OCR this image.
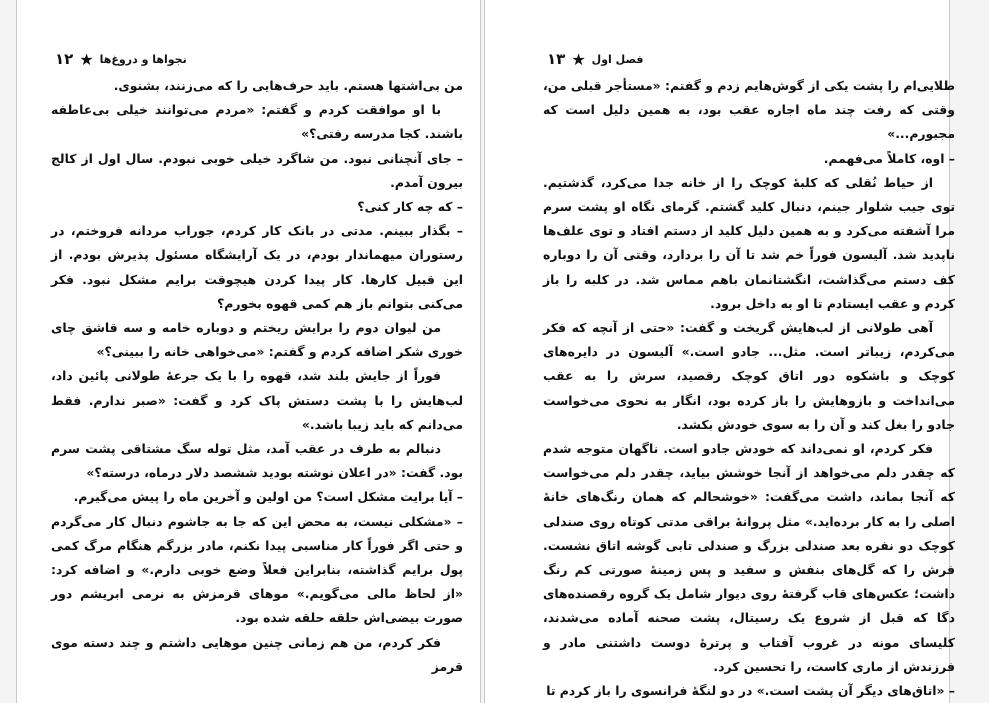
۱۲ ★ نجواها و دروغ‌ها

من بی‌اشتها هستم. باید حرف‌هایی را که می‌زنند، بشنوی.

با او موافقت کردم و گفتم: «مردم می‌توانند خیلی بی‌عاطفه باشند. کجا مدرسه رفتی؟»

– جای آنچنانی نبود. من شاگرد خیلی خوبی نبودم. سال اول از کالج بیرون آمدم.

– که چه کار کنی؟

– بگذار ببینم. مدتی در بانک کار کردم، جوراب مردانه فروختم، در رستوران میهماندار بودم، در یک آرایشگاه مسئول پذیرش بودم. از این قبیل کارها. کار پیدا کردن هیچوقت برایم مشکل نبود. فکر می‌کنی بتوانم باز هم کمی قهوه بخورم؟

من لیوان دوم را برایش ریختم و دوباره خامه و سه قاشق چای خوری شکر اضافه کردم و گفتم: «می‌خواهی خانه را ببینی؟»

فوراً از جایش بلند شد، قهوه را با یک جرعهٔ طولانی پائین داد، لب‌هایش را با پشت دستش پاک کرد و گفت: «صبر ندارم. فقط می‌دانم که باید زیبا باشد.»

دنبالم به طرف در عقب آمد، مثل توله سگ مشتاقی پشت سرم بود. گفت: «در اعلان نوشته بودید ششصد دلار درماه، درسته؟»

– آیا برایت مشکل است؟ من اولین و آخرین ماه را پیش می‌گیرم.

– «مشکلی نیست، به محض این که جا به جاشوم دنبال کار می‌گردم و حتی اگر فوراً کار مناسبی پیدا نکنم، مادر بزرگم هنگام مرگ کمی پول برایم گذاشته، بنابراین فعلاً وضع خوبی دارم.» و اضافه کرد: «از لحاظ مالی می‌گویم.» موهای قرمزش به نرمی ابریشم دور صورت بیضی‌اش حلقه حلقه شده بود.

فکر کردم، من هم زمانی چنین موهایی داشتم و چند دسته موی قرمز

۱۳ ★ فصل اول

طلایی‌ام را پشت یکی از گوش‌هایم زدم و گفتم: «مستأجر قبلی من، وقتی که رفت چند ماه اجاره عقب بود، به همین دلیل است که مجبورم...»

– اوه، کاملاً می‌فهمم.

از حیاط نُقلی که کلبهٔ کوچک را از خانه جدا می‌کرد، گذشتیم. توی جیب شلوار جینم، دنبال کلید گشتم. گرمای نگاه او پشت سرم مرا آشفته می‌کرد و به همین دلیل کلید از دستم افتاد و توی علف‌ها ناپدید شد. آلیسون فوراً خم شد تا آن را بردارد، وقتی آن را دوباره کف دستم می‌گذاشت، انگشتانمان باهم مماس شد. در کلبه را باز کردم و عقب ایستادم تا او به داخل برود.

آهی طولانی از لب‌هایش گریخت و گفت: «حتی از آنچه که فکر می‌کردم، زیباتر است. مثل... جادو است.» آلیسون در دایره‌های کوچک و باشکوه دور اتاق کوچک رقصید، سرش را به عقب می‌انداخت و بازوهایش را باز کرده بود، انگار به نحوی می‌خواست جادو را بغل کند و آن را به سوی خودش بکشد.

فکر کردم، او نمی‌داند که خودش جادو است. ناگهان متوجه شدم که چقدر دلم می‌خواهد از آنجا خوشش بیاید، چقدر دلم می‌خواست که آنجا بماند، داشت می‌گفت: «خوشحالم که همان رنگ‌های خانهٔ اصلی را به کار برده‌اید.» مثل پروانهٔ براقی مدتی کوتاه روی صندلی کوچک دو نفره بعد صندلی بزرگ و صندلی تابی گوشه اتاق نشست. فرش را که گل‌های بنفش و سفید و پس زمینهٔ صورتی کم رنگ داشت؛ عکس‌های قاب گرفتهٔ روی دیوار شامل یک گروه رقصنده‌های دگا که قبل از شروع یک رسیتال، پشت صحنه آماده می‌شدند، کلیسای مونه در غروب آفتاب و پرترهٔ دوست داشتنی مادر و فرزندش از ماری کاست، را تحسین کرد.

– «اتاق‌های دیگر آن پشت است.» در دو لنگهٔ فرانسوی را باز کردم تا
